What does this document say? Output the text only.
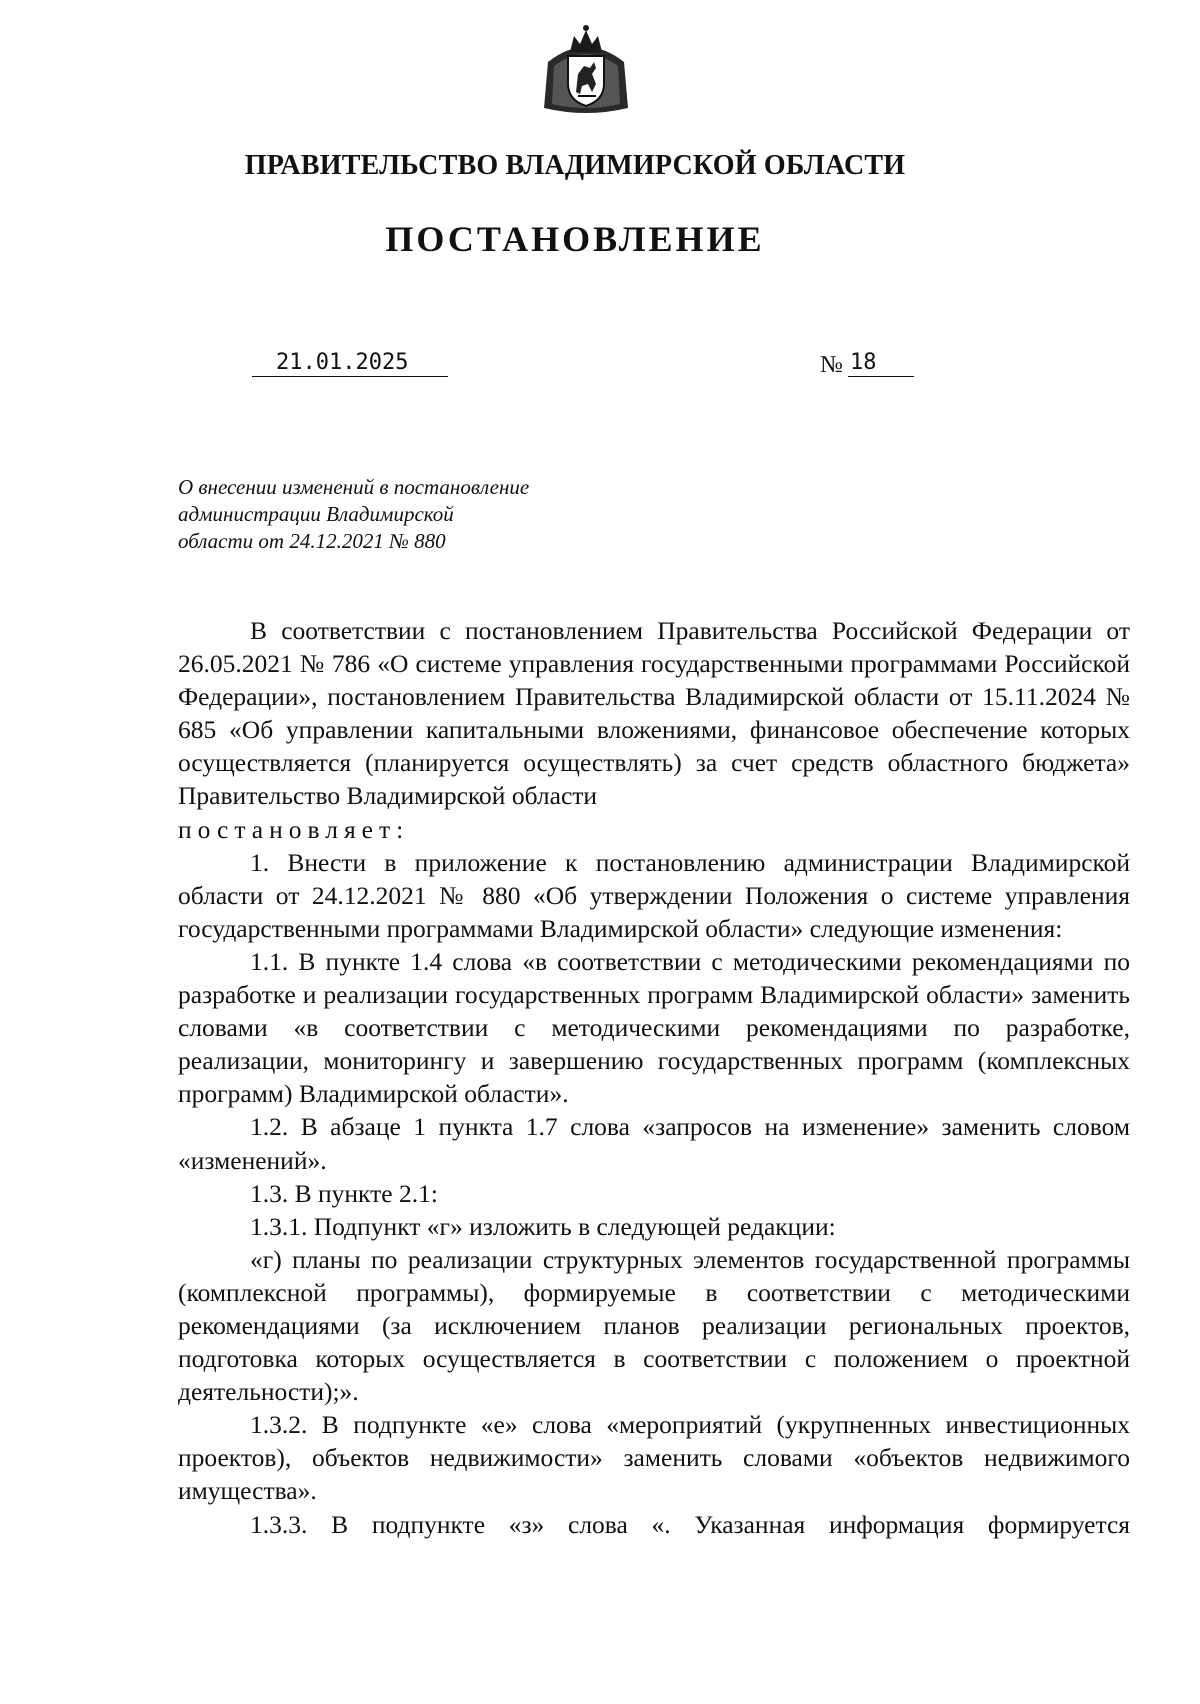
ПРАВИТЕЛЬСТВО ВЛАДИМИРСКОЙ ОБЛАСТИ
ПОСТАНОВЛЕНИЕ
21.01.2025	№ 18
О внесении изменений в постановление
администрации Владимирской
области от 24.12.2021 № 880

В соответствии с постановлением Правительства Российской Федерации от 26.05.2021 № 786 «О системе управления государственными программами Российской Федерации», постановлением Правительства Владимирской области от 15.11.2024 № 685 «Об управлении капитальными вложениями, финансовое обеспечение которых осуществляется (планируется осуществлять) за счет средств областного бюджета» Правительство Владимирской области

постановляет:

1. Внести в приложение к постановлению администрации Владимирской области от 24.12.2021 № 880 «Об утверждении Положения о системе управления государственными программами Владимирской области» следующие изменения:

1.1. В пункте 1.4 слова «в соответствии с методическими рекомендациями по разработке и реализации государственных программ Владимирской области» заменить словами «в соответствии с методическими рекомендациями по разработке, реализации, мониторингу и завершению государственных программ (комплексных программ) Владимирской области».

1.2. В абзаце 1 пункта 1.7 слова «запросов на изменение» заменить словом «изменений».

1.3. В пункте 2.1:

1.3.1. Подпункт «г» изложить в следующей редакции:

«г) планы по реализации структурных элементов государственной программы (комплексной программы), формируемые в соответствии с методическими рекомендациями (за исключением планов реализации региональных проектов, подготовка которых осуществляется в соответствии с положением о проектной деятельности);».

1.3.2. В подпункте «е» слова «мероприятий (укрупненных инвестиционных проектов), объектов недвижимости» заменить словами «объектов недвижимого имущества».

1.3.3. В подпункте «з» слова «. Указанная информация формируется
